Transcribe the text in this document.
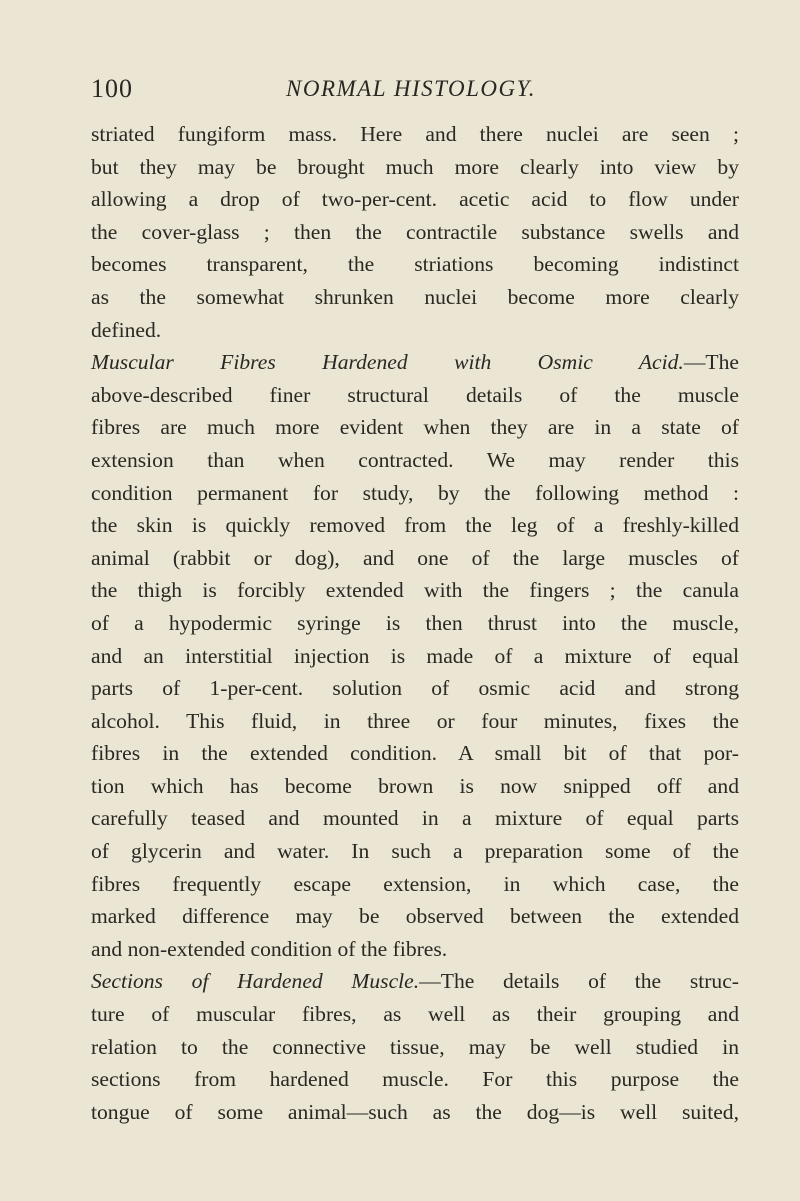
100	NORMAL HISTOLOGY.
striated fungiform mass. Here and there nuclei are seen ;
but they may be brought much more clearly into view by
allowing a drop of two-per-cent. acetic acid to flow under
the cover-glass ; then the contractile substance swells and
becomes transparent, the striations becoming indistinct
as the somewhat shrunken nuclei become more clearly
defined.
Muscular Fibres Hardened with Osmic Acid.—The
above-described finer structural details of the muscle
fibres are much more evident when they are in a state of
extension than when contracted. We may render this
condition permanent for study, by the following method :
the skin is quickly removed from the leg of a freshly-killed
animal (rabbit or dog), and one of the large muscles of
the thigh is forcibly extended with the fingers ; the canula
of a hypodermic syringe is then thrust into the muscle,
and an interstitial injection is made of a mixture of equal
parts of 1-per-cent. solution of osmic acid and strong
alcohol. This fluid, in three or four minutes, fixes the
fibres in the extended condition. A small bit of that por-
tion which has become brown is now snipped off and
carefully teased and mounted in a mixture of equal parts
of glycerin and water. In such a preparation some of the
fibres frequently escape extension, in which case, the
marked difference may be observed between the extended
and non-extended condition of the fibres.
Sections of Hardened Muscle.—The details of the struc-
ture of muscular fibres, as well as their grouping and
relation to the connective tissue, may be well studied in
sections from hardened muscle. For this purpose the
tongue of some animal—such as the dog—is well suited,
